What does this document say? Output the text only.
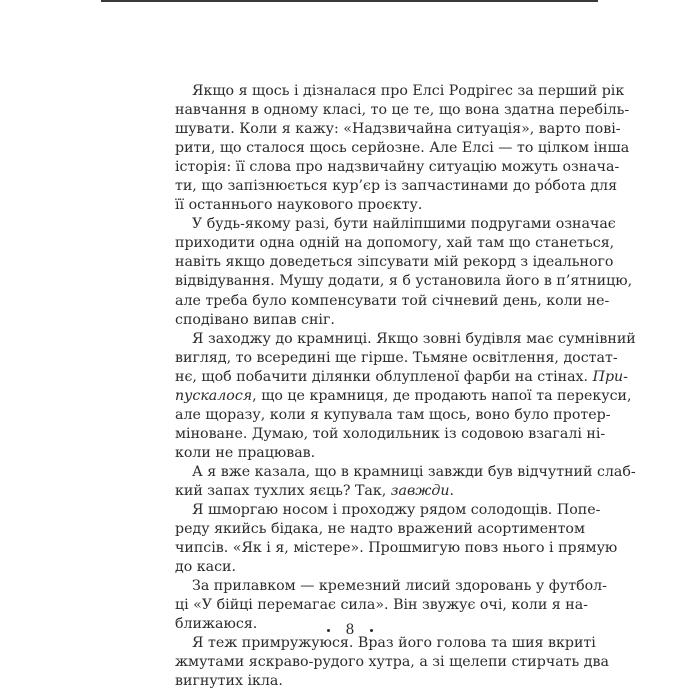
Якщо я щось і дізналася про Елсі Родрігес за перший рік
навчання в одному класі, то це те, що вона здатна перебіль-
шувати. Коли я кажу: «Надзвичайна ситуація», варто пові-
рити, що сталося щось серйозне. Але Елсі — то цілком інша
історія: її слова про надзвичайну ситуацію можуть означа-
ти, що запізнюється кур’єр із запчастинами до рóбота для
її останнього наукового проєкту.

У будь-якому разі, бути найліпшими подругами означає
приходити одна одній на допомогу, хай там що станеться,
навіть якщо доведеться зіпсувати мій рекорд з ідеального
відвідування. Мушу додати, я б установила його в п’ятницю,
але треба було компенсувати той січневий день, коли не-
сподівано випав сніг.

Я заходжу до крамниці. Якщо зовні будівля має сумнівний
вигляд, то всередині ще гірше. Тьмяне освітлення, достат-
нє, щоб побачити ділянки облупленої фарби на стінах. При-
пускалося, що це крамниця, де продають напої та перекуси,
але щоразу, коли я купувала там щось, воно було протер-
міноване. Думаю, той холодильник із содовою взагалі ні-
коли не працював.

А я вже казала, що в крамниці завжди був відчутний слаб-
кий запах тухлих яєць? Так, завжди.

Я шморгаю носом і проходжу рядом солодощів. Попе-
реду якийсь бідака, не надто вражений асортиментом
чипсів. «Як і я, містере». Прошмигую повз нього і прямую
до каси.

За прилавком — кремезний лисий здоровань у футбол-
ці «У бійці перемагає сила». Він звужує очі, коли я на-
ближаюся.

Я теж примружуюся. Враз його голова та шия вкриті
жмутами яскраво-рудого хутра, а зі щелепи стирчать два
вигнутих ікла.

8
